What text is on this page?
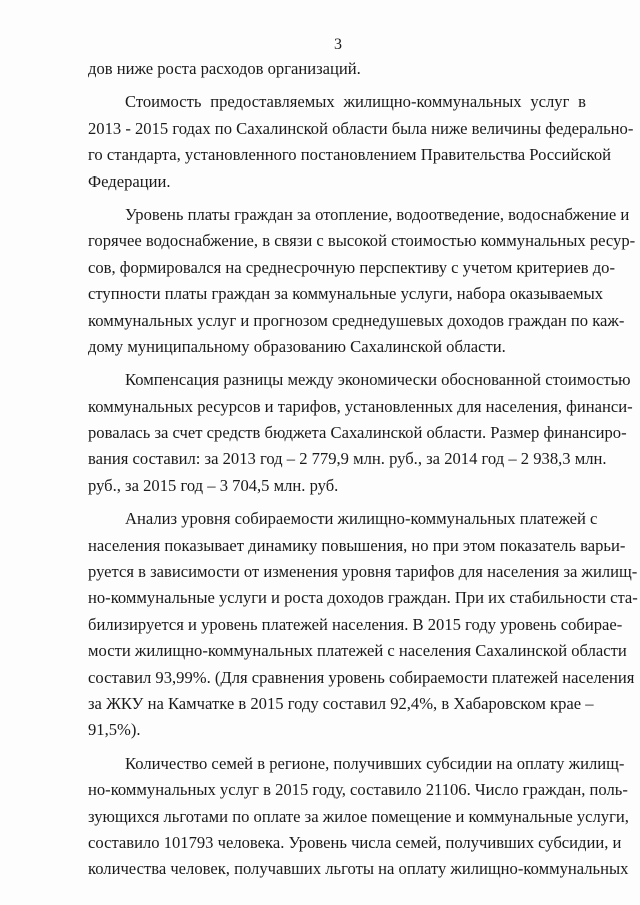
3
дов ниже роста расходов организаций.
Стоимость предоставляемых жилищно-коммунальных услуг в
2013 - 2015 годах по Сахалинской области была ниже величины федерально-
го стандарта, установленного постановлением Правительства Российской
Федерации.
Уровень платы граждан за отопление, водоотведение, водоснабжение и
горячее водоснабжение, в связи с высокой стоимостью коммунальных ресур-
сов, формировался на среднесрочную перспективу с учетом критериев до-
ступности платы граждан за коммунальные услуги, набора оказываемых
коммунальных услуг и прогнозом среднедушевых доходов граждан по каж-
дому муниципальному образованию Сахалинской области.
Компенсация разницы между экономически обоснованной стоимостью
коммунальных ресурсов и тарифов, установленных для населения, финанси-
ровалась за счет средств бюджета Сахалинской области. Размер финансиро-
вания составил: за 2013 год – 2 779,9 млн. руб., за 2014 год – 2 938,3 млн.
руб., за 2015 год – 3 704,5 млн. руб.
Анализ уровня собираемости жилищно-коммунальных платежей с
населения показывает динамику повышения, но при этом показатель варьи-
руется в зависимости от изменения уровня тарифов для населения за жилищ-
но-коммунальные услуги и роста доходов граждан. При их стабильности ста-
билизируется и уровень платежей населения. В 2015 году уровень собирае-
мости жилищно-коммунальных платежей с населения Сахалинской области
составил 93,99%. (Для сравнения уровень собираемости платежей населения
за ЖКУ на Камчатке в 2015 году составил 92,4%, в Хабаровском крае –
91,5%).
Количество семей в регионе, получивших субсидии на оплату жилищ-
но-коммунальных услуг в 2015 году, составило 21106. Число граждан, поль-
зующихся льготами по оплате за жилое помещение и коммунальные услуги,
составило 101793 человека. Уровень числа семей, получивших субсидии, и
количества человек, получавших льготы на оплату жилищно-коммунальных
